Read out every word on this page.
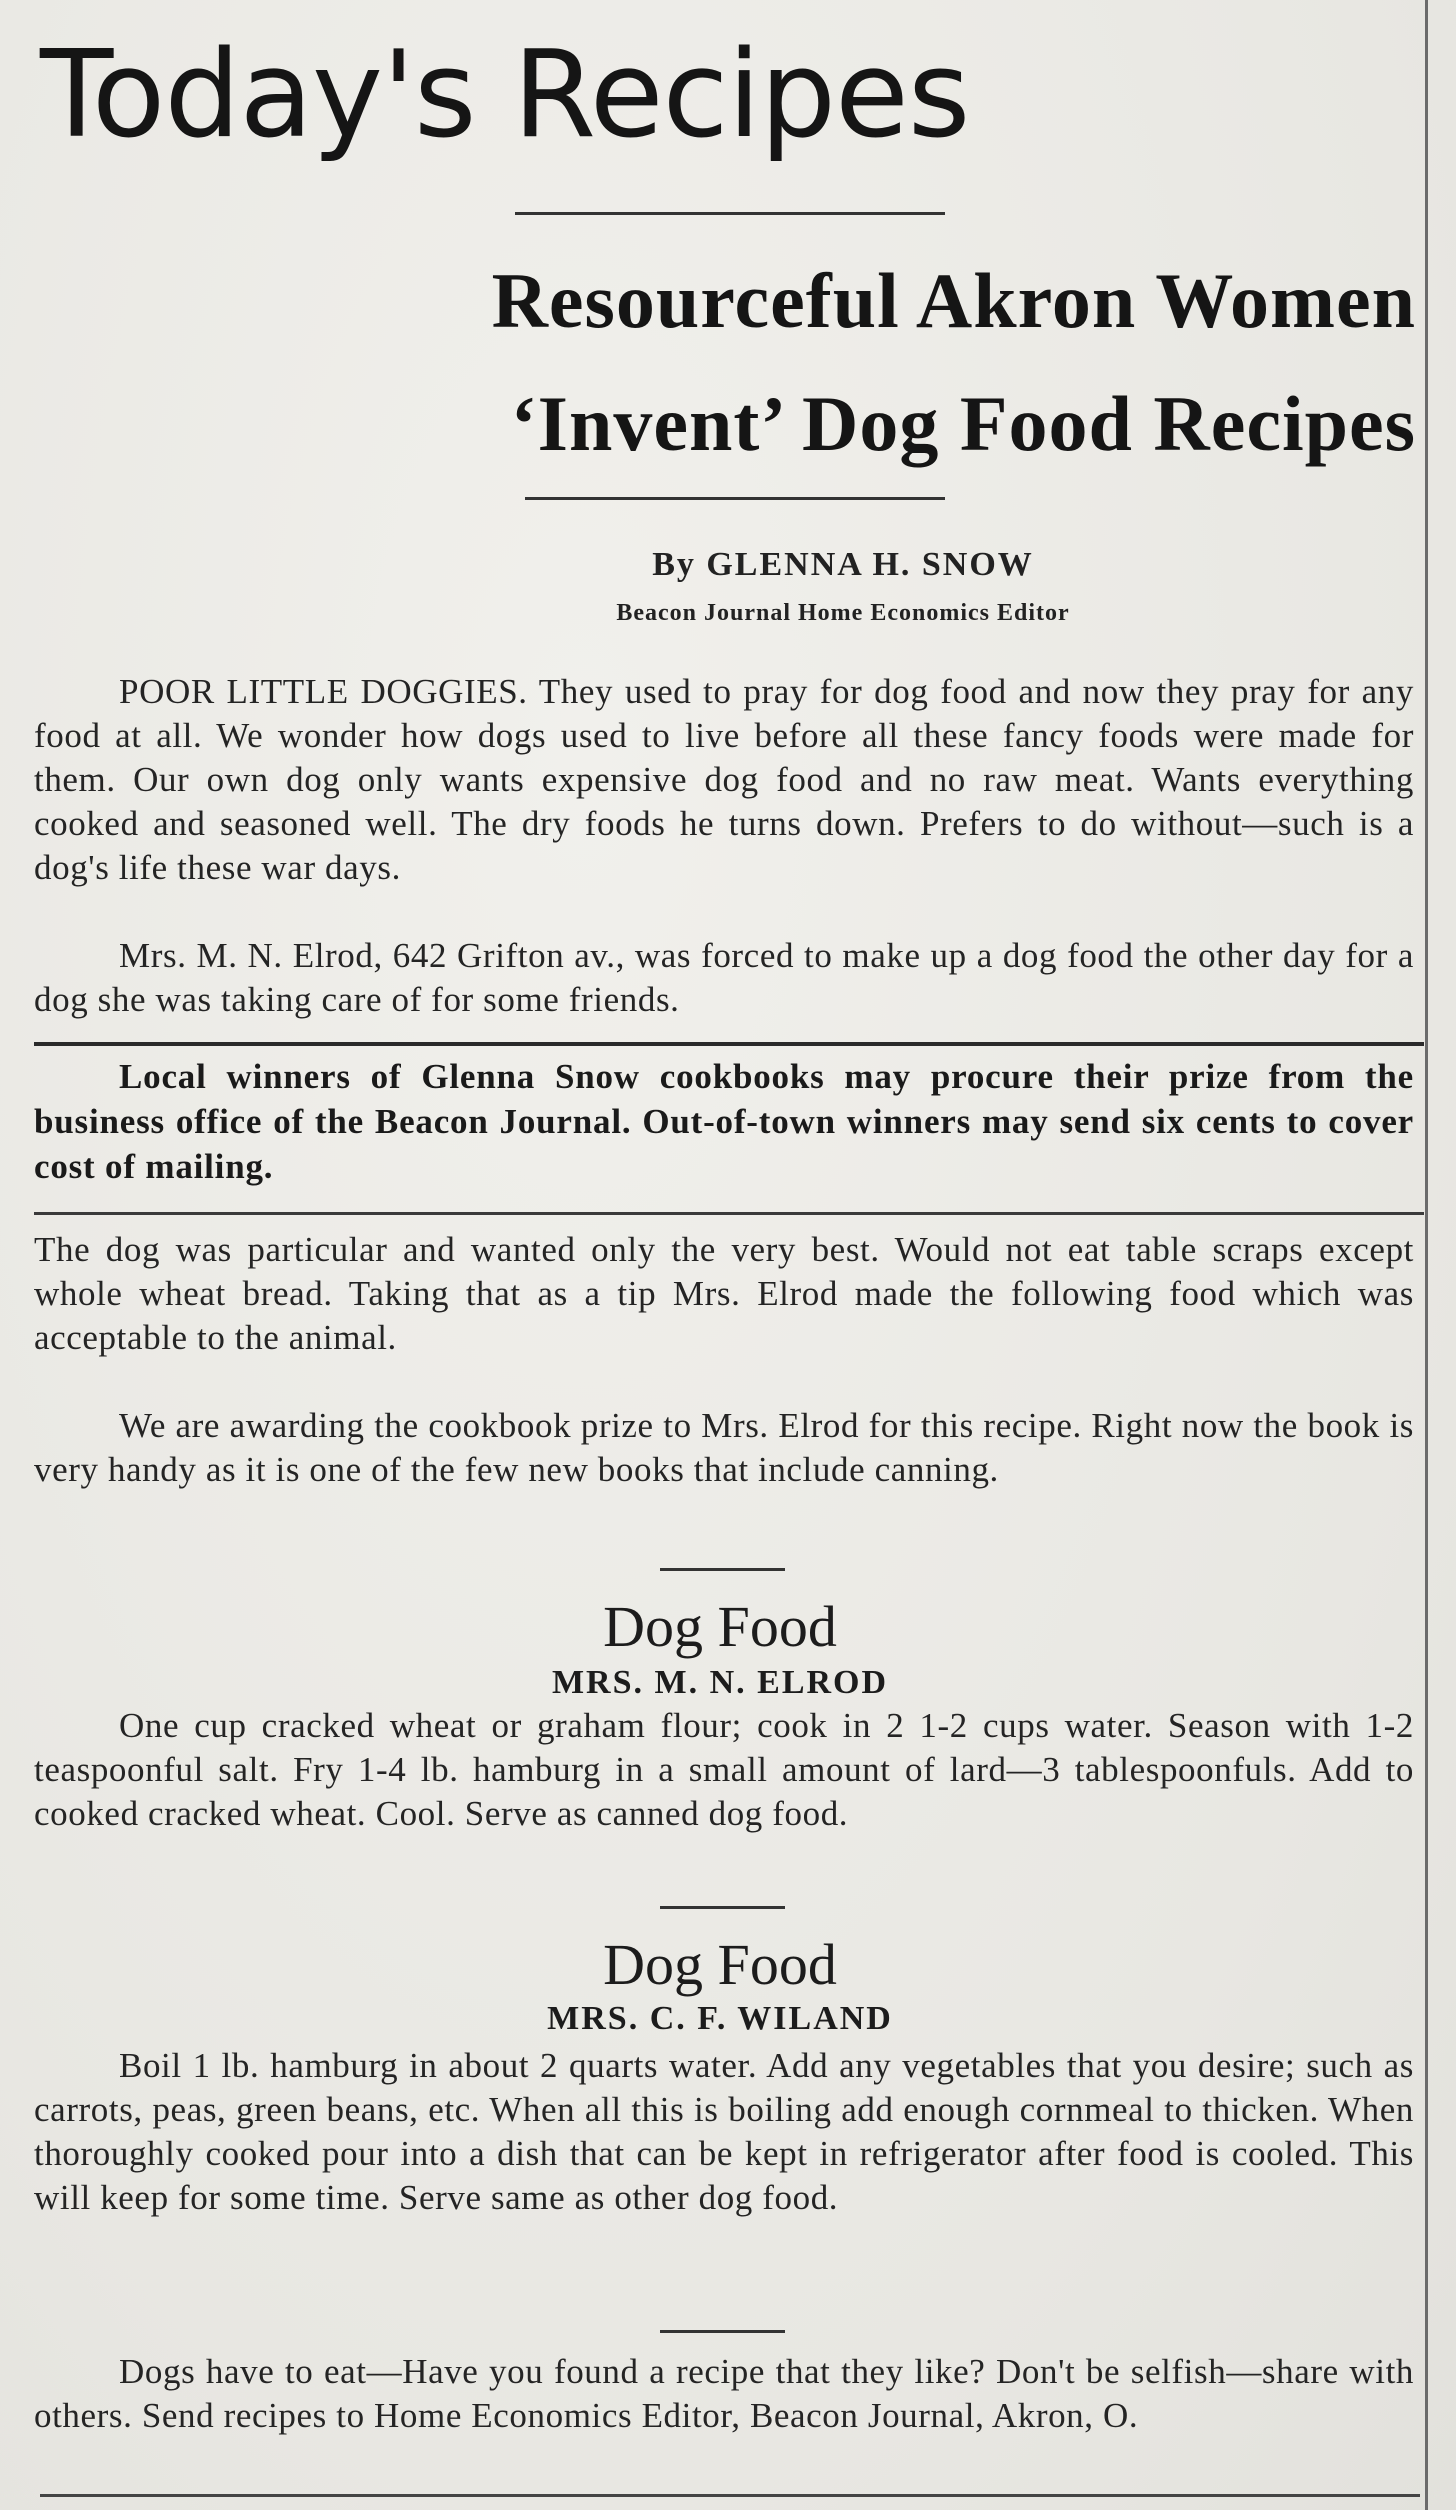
Today's Recipes
Resourceful Akron Women
‘Invent’ Dog Food Recipes
By GLENNA H. SNOW
Beacon Journal Home Economics Editor
POOR LITTLE DOGGIES. They used to pray for dog food and now they pray for any food at all. We wonder how dogs used to live before all these fancy foods were made for them. Our own dog only wants expensive dog food and no raw meat. Wants everything cooked and seasoned well. The dry foods he turns down. Prefers to do without—such is a dog's life these war days.
Mrs. M. N. Elrod, 642 Grifton av., was forced to make up a dog food the other day for a dog she was taking care of for some friends.
Local winners of Glenna Snow cookbooks may procure their prize from the business office of the Beacon Journal. Out-of-town winners may send six cents to cover cost of mailing.
The dog was particular and wanted only the very best. Would not eat table scraps except whole wheat bread. Taking that as a tip Mrs. Elrod made the following food which was acceptable to the animal.
We are awarding the cookbook prize to Mrs. Elrod for this recipe. Right now the book is very handy as it is one of the few new books that include canning.
Dog Food
MRS. M. N. ELROD
One cup cracked wheat or graham flour; cook in 2 1-2 cups water. Season with 1-2 teaspoonful salt. Fry 1-4 lb. hamburg in a small amount of lard—3 tablespoonfuls. Add to cooked cracked wheat. Cool. Serve as canned dog food.
Dog Food
MRS. C. F. WILAND
Boil 1 lb. hamburg in about 2 quarts water. Add any vegetables that you desire; such as carrots, peas, green beans, etc. When all this is boiling add enough cornmeal to thicken. When thoroughly cooked pour into a dish that can be kept in refrigerator after food is cooled. This will keep for some time. Serve same as other dog food.
Dogs have to eat—Have you found a recipe that they like? Don't be selfish—share with others. Send recipes to Home Economics Editor, Beacon Journal, Akron, O.
